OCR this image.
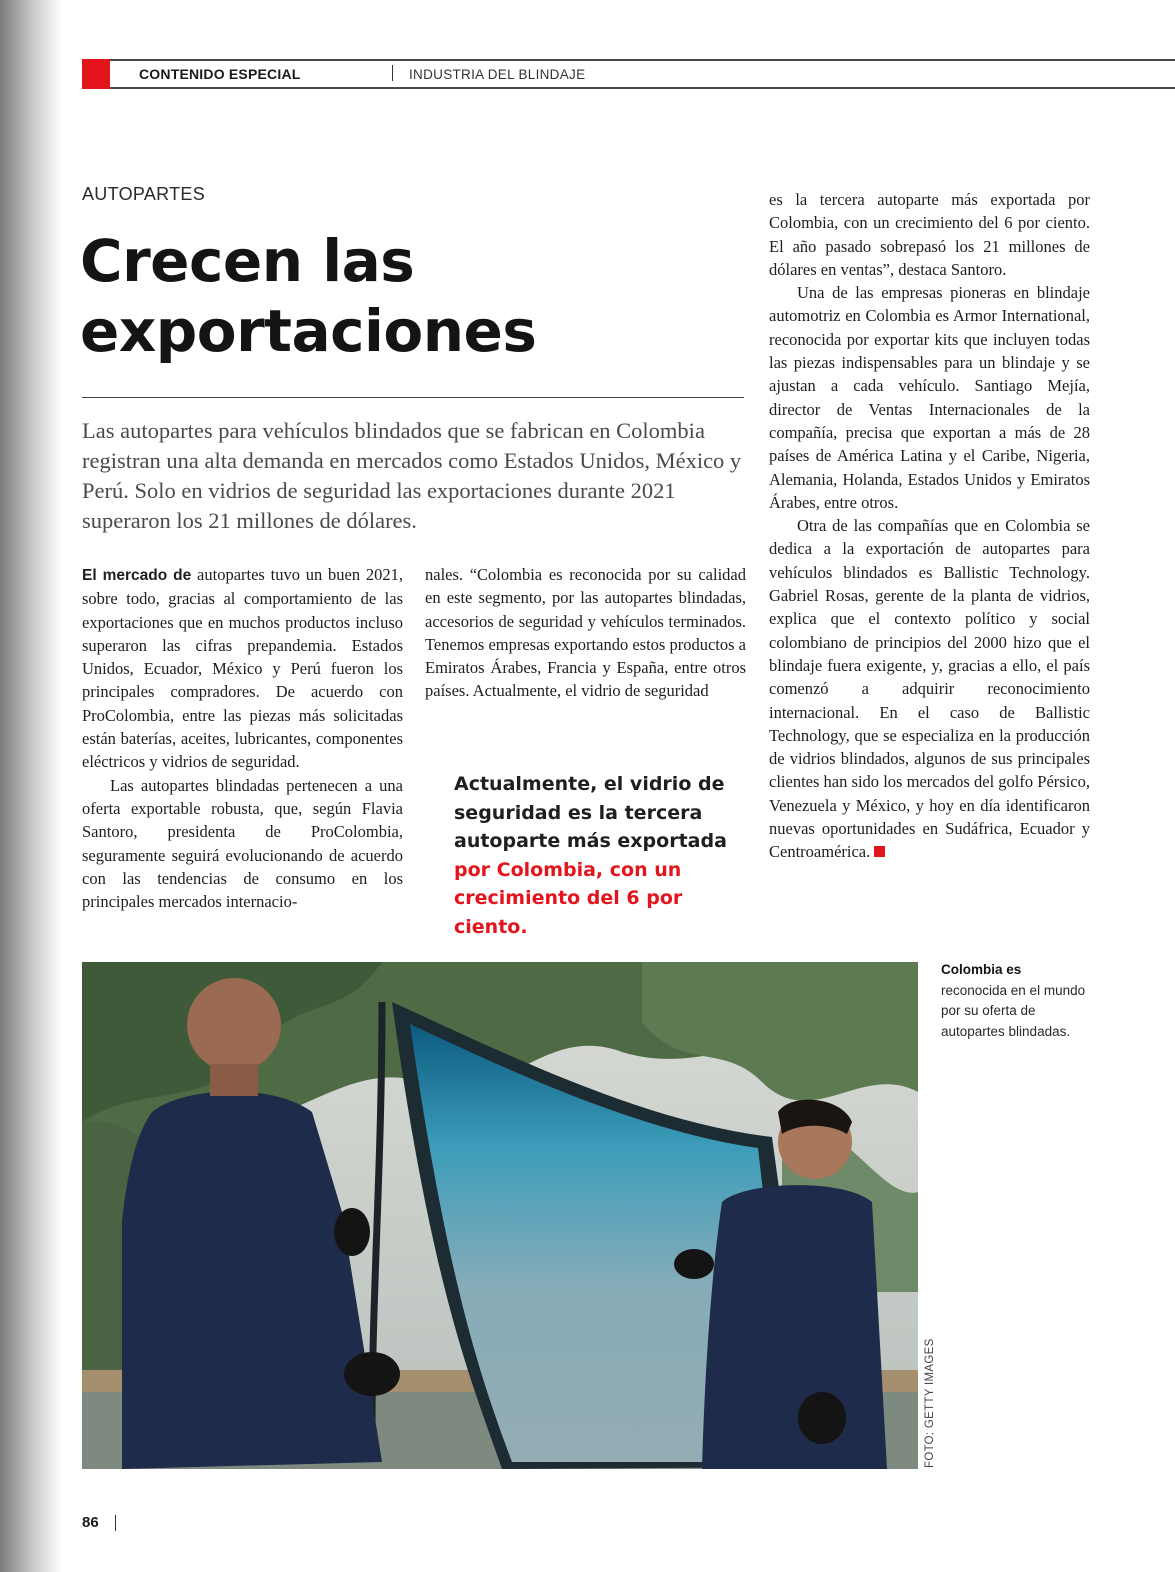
CONTENIDO ESPECIAL	INDUSTRIA DEL BLINDAJE
AUTOPARTES
Crecen las
exportaciones

Las autopartes para vehículos blindados que se fabrican en Colombia registran una alta demanda en mercados como Estados Unidos, México y Perú. Solo en vidrios de seguridad las exportaciones durante 2021 superaron los 21 millones de dólares.

El mercado de autopartes tuvo un buen 2021, sobre todo, gracias al comportamiento de las exportaciones que en muchos productos incluso superaron las cifras prepandemia. Estados Unidos, Ecuador, México y Perú fueron los principales compradores. De acuerdo con ProColombia, entre las piezas más solicitadas están baterías, aceites, lubricantes, componentes eléctricos y vidrios de seguridad.

Las autopartes blindadas pertenecen a una oferta exportable robusta, que, según Flavia Santoro, presidenta de ProColombia, seguramente seguirá evolucionando de acuerdo con las tendencias de consumo en los principales mercados internacio-

nales. “Colombia es reconocida por su calidad en este segmento, por las autopartes blindadas, accesorios de seguridad y vehículos terminados. Tenemos empresas exportando estos productos a Emiratos Árabes, Francia y España, entre otros países. Actualmente, el vidrio de seguridad

Actualmente, el vidrio de seguridad es la tercera autoparte más exportada por Colombia, con un crecimiento del 6 por ciento.

es la tercera autoparte más exportada por Colombia, con un crecimiento del 6 por ciento. El año pasado sobrepasó los 21 millones de dólares en ventas”, destaca Santoro.

Una de las empresas pioneras en blindaje automotriz en Colombia es Armor International, reconocida por exportar kits que incluyen todas las piezas indispensables para un blindaje y se ajustan a cada vehículo. Santiago Mejía, director de Ventas Internacionales de la compañía, precisa que exportan a más de 28 países de América Latina y el Caribe, Nigeria, Alemania, Holanda, Estados Unidos y Emiratos Árabes, entre otros.

Otra de las compañías que en Colombia se dedica a la exportación de autopartes para vehículos blindados es Ballistic Technology. Gabriel Rosas, gerente de la planta de vidrios, explica que el contexto político y social colombiano de principios del 2000 hizo que el blindaje fuera exigente, y, gracias a ello, el país comenzó a adquirir reconocimiento internacional. En el caso de Ballistic Technology, que se especializa en la producción de vidrios blindados, algunos de sus principales clientes han sido los mercados del golfo Pérsico, Venezuela y México, y hoy en día identificaron nuevas oportunidades en Sudáfrica, Ecuador y Centroamérica.

FOTO: GETTY IMAGES

Colombia es
reconocida en el mundo por su oferta de autopartes blindadas.

86
